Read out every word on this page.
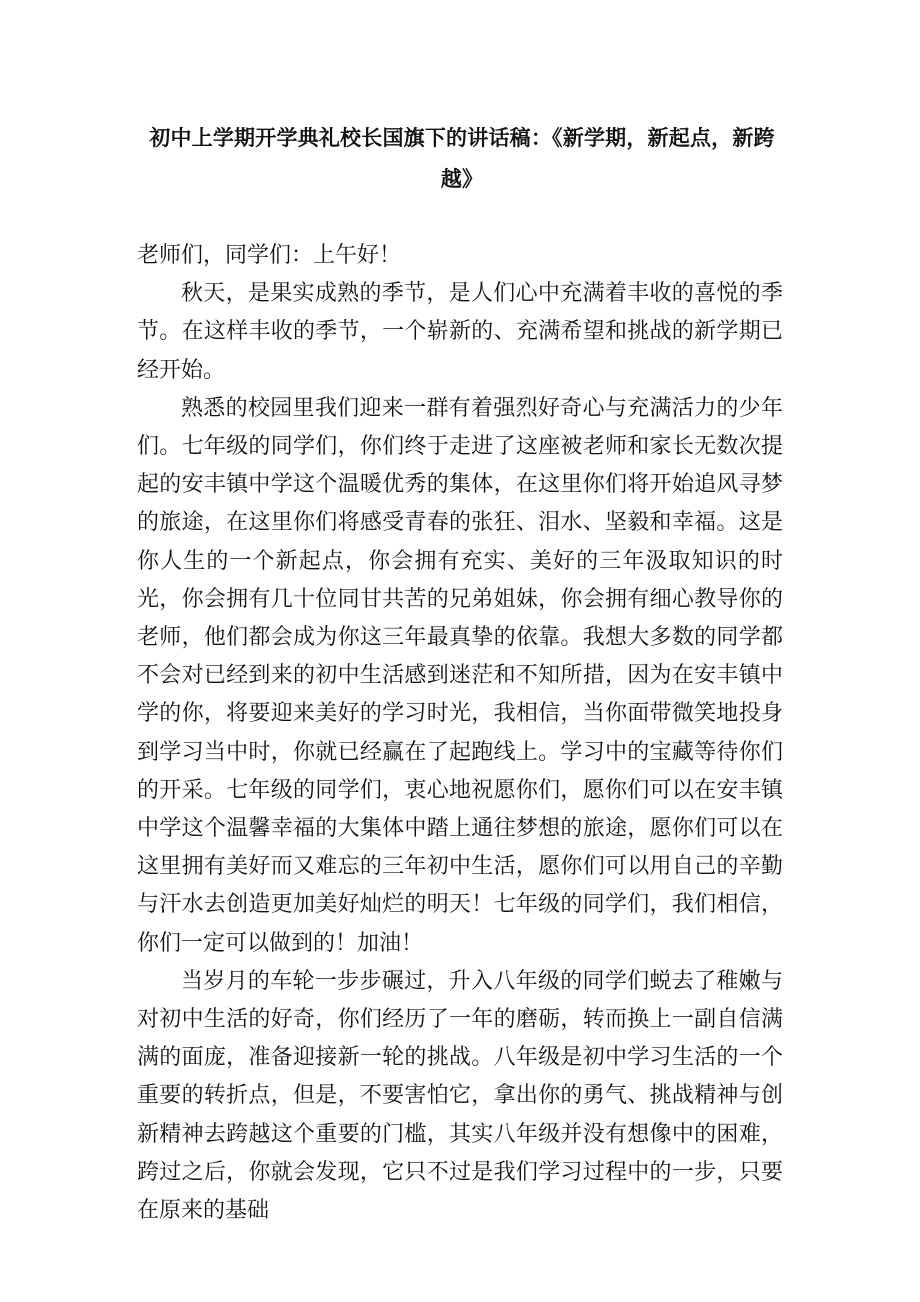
初中上学期开学典礼校长国旗下的讲话稿：《新学期，新起点，新跨越》

老师们，同学们：上午好！

秋天，是果实成熟的季节，是人们心中充满着丰收的喜悦的季节。在这样丰收的季节，一个崭新的、充满希望和挑战的新学期已经开始。

熟悉的校园里我们迎来一群有着强烈好奇心与充满活力的少年们。七年级的同学们，你们终于走进了这座被老师和家长无数次提起的安丰镇中学这个温暖优秀的集体，在这里你们将开始追风寻梦的旅途，在这里你们将感受青春的张狂、泪水、坚毅和幸福。这是你人生的一个新起点，你会拥有充实、美好的三年汲取知识的时光，你会拥有几十位同甘共苦的兄弟姐妹，你会拥有细心教导你的老师，他们都会成为你这三年最真挚的依靠。我想大多数的同学都不会对已经到来的初中生活感到迷茫和不知所措，因为在安丰镇中学的你，将要迎来美好的学习时光，我相信，当你面带微笑地投身到学习当中时，你就已经赢在了起跑线上。学习中的宝藏等待你们的开采。七年级的同学们，衷心地祝愿你们，愿你们可以在安丰镇中学这个温馨幸福的大集体中踏上通往梦想的旅途，愿你们可以在这里拥有美好而又难忘的三年初中生活，愿你们可以用自己的辛勤与汗水去创造更加美好灿烂的明天！七年级的同学们，我们相信，你们一定可以做到的！加油！

当岁月的车轮一步步碾过，升入八年级的同学们蜕去了稚嫩与对初中生活的好奇，你们经历了一年的磨砺，转而换上一副自信满满的面庞，准备迎接新一轮的挑战。八年级是初中学习生活的一个重要的转折点，但是，不要害怕它，拿出你的勇气、挑战精神与创新精神去跨越这个重要的门槛，其实八年级并没有想像中的困难，跨过之后，你就会发现，它只不过是我们学习过程中的一步，只要在原来的基础
